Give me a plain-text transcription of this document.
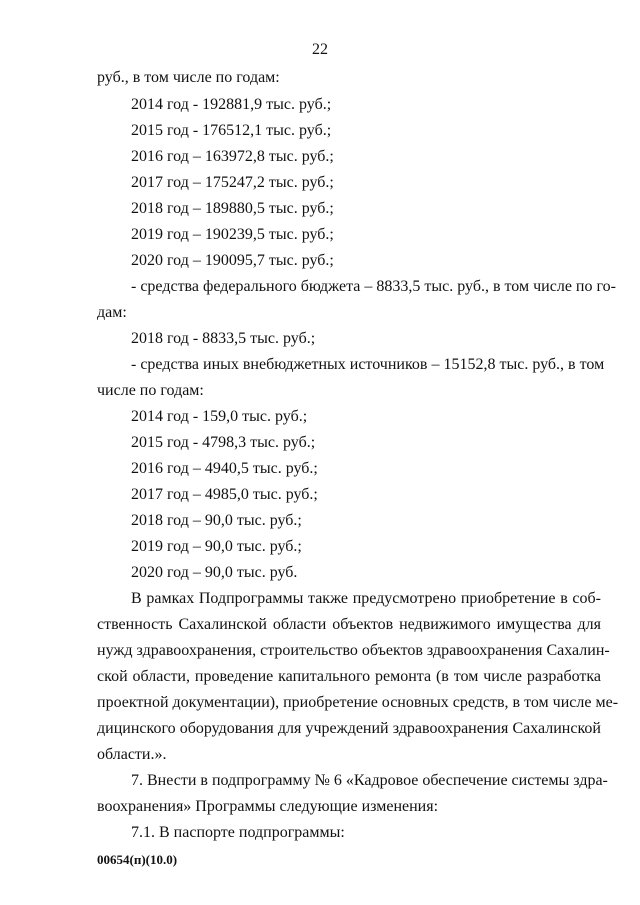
22
руб., в том числе по годам:
2014 год - 192881,9 тыс. руб.;
2015 год - 176512,1 тыс. руб.;
2016 год – 163972,8 тыс. руб.;
2017 год – 175247,2 тыс. руб.;
2018 год – 189880,5 тыс. руб.;
2019 год – 190239,5 тыс. руб.;
2020 год – 190095,7 тыс. руб.;
- средства федерального бюджета – 8833,5 тыс. руб., в том числе по го-
дам:
2018 год - 8833,5 тыс. руб.;
- средства иных внебюджетных источников – 15152,8 тыс. руб., в том
числе по годам:
2014 год - 159,0 тыс. руб.;
2015 год - 4798,3 тыс. руб.;
2016 год – 4940,5 тыс. руб.;
2017 год – 4985,0 тыс. руб.;
2018 год – 90,0 тыс. руб.;
2019 год – 90,0 тыс. руб.;
2020 год – 90,0 тыс. руб.
В рамках Подпрограммы также предусмотрено приобретение в соб-
ственность Сахалинской области объектов недвижимого имущества для
нужд здравоохранения, строительство объектов здравоохранения Сахалин-
ской области, проведение капитального ремонта (в том числе разработка
проектной документации), приобретение основных средств, в том числе ме-
дицинского оборудования для учреждений здравоохранения Сахалинской
области.».
7. Внести в подпрограмму № 6 «Кадровое обеспечение системы здра-
воохранения» Программы следующие изменения:
7.1. В паспорте подпрограммы:
00654(п)(10.0)
